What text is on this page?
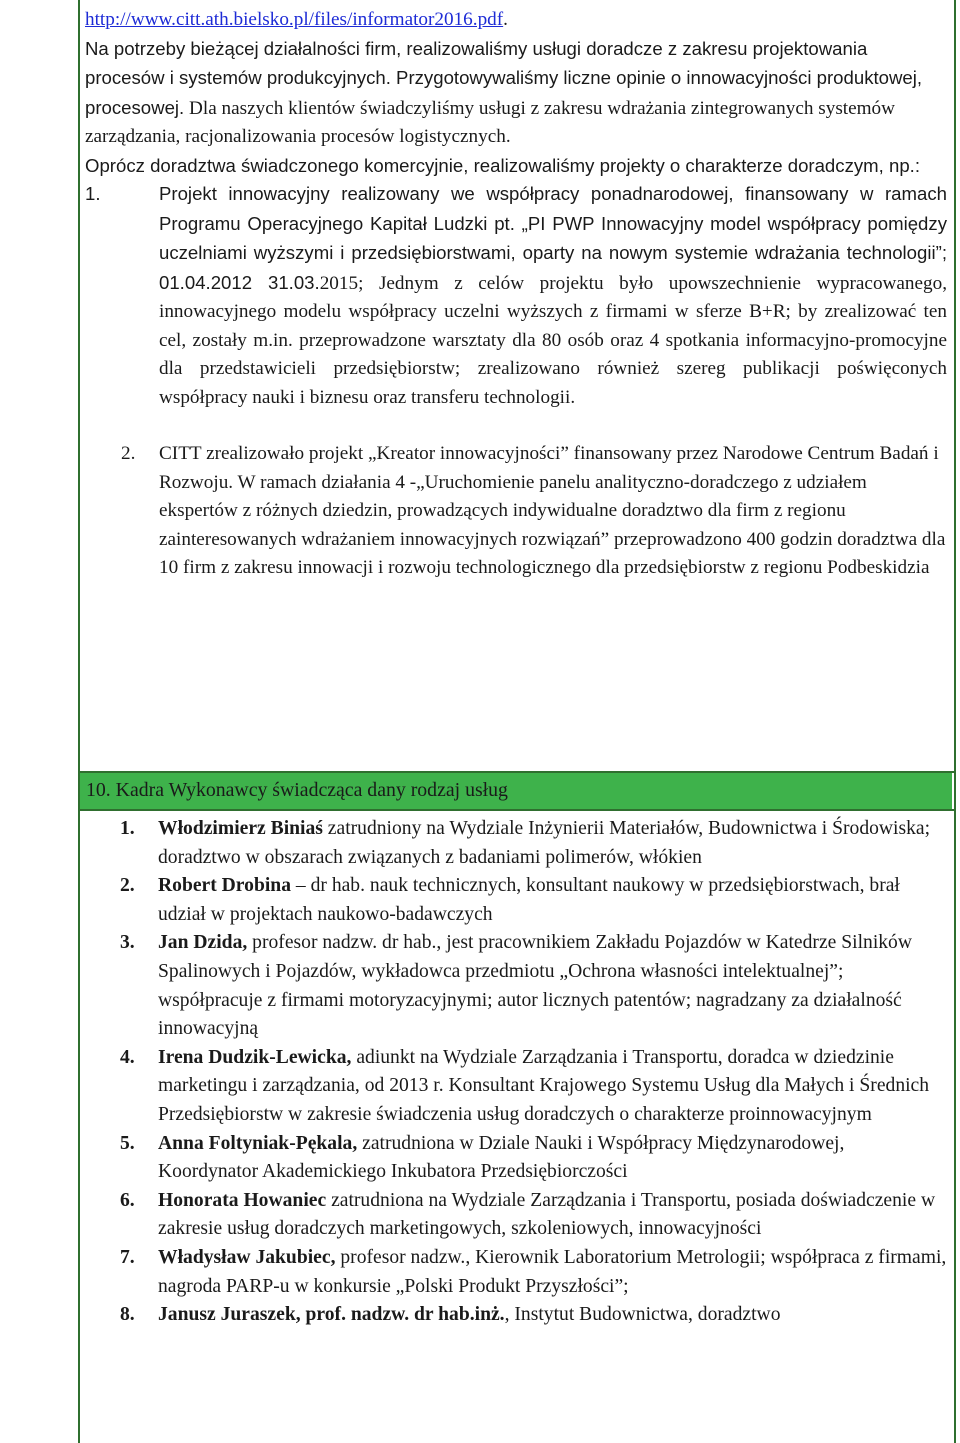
http://www.citt.ath.bielsko.pl/files/informator2016.pdf.

Na potrzeby bieżącej działalności firm, realizowaliśmy usługi doradcze z zakresu projektowania procesów i systemów produkcyjnych. Przygotowywaliśmy liczne opinie o innowacyjności produktowej, procesowej. Dla naszych klientów świadczyliśmy usługi z zakresu wdrażania zintegrowanych systemów zarządzania, racjonalizowania procesów logistycznych.

Oprócz doradztwa świadczonego komercyjnie, realizowaliśmy projekty o charakterze doradczym, np.:

1.	Projekt innowacyjny realizowany we współpracy ponadnarodowej, finansowany w ramach Programu Operacyjnego Kapitał Ludzki pt. „PI PWP Innowacyjny model współpracy pomiędzy uczelniami wyższymi i przedsiębiorstwami, oparty na nowym systemie wdrażania technologii”; 01.04.2012 31.03.2015; Jednym z celów projektu było upowszechnienie wypracowanego, innowacyjnego modelu współpracy uczelni wyższych z firmami w sferze B+R; by zrealizować ten cel, zostały m.in. przeprowadzone warsztaty dla 80 osób oraz 4 spotkania informacyjno-promocyjne dla przedstawicieli przedsiębiorstw; zrealizowano również szereg publikacji poświęconych współpracy nauki i biznesu oraz transferu technologii.
2.	CITT zrealizowało projekt „Kreator innowacyjności” finansowany przez Narodowe Centrum Badań i Rozwoju. W ramach działania 4 -„Uruchomienie panelu analityczno-doradczego z udziałem ekspertów z różnych dziedzin, prowadzących indywidualne doradztwo dla firm z regionu zainteresowanych wdrażaniem innowacyjnych rozwiązań” przeprowadzono 400 godzin doradztwa dla 10 firm z zakresu innowacji i rozwoju technologicznego dla przedsiębiorstw z regionu Podbeskidzia
10. Kadra Wykonawcy świadcząca dany rodzaj usług
1.	Włodzimierz Biniaś zatrudniony na Wydziale Inżynierii Materiałów, Budownictwa i Środowiska; doradztwo w obszarach związanych z badaniami polimerów, włókien
2.	Robert Drobina – dr hab. nauk technicznych, konsultant naukowy w przedsiębiorstwach, brał udział w projektach naukowo-badawczych
3.	Jan Dzida, profesor nadzw. dr hab., jest pracownikiem Zakładu Pojazdów w Katedrze Silników Spalinowych i Pojazdów, wykładowca przedmiotu „Ochrona własności intelektualnej”; współpracuje z firmami motoryzacyjnymi; autor licznych patentów; nagradzany za działalność innowacyjną
4.	Irena Dudzik-Lewicka, adiunkt na Wydziale Zarządzania i Transportu, doradca w dziedzinie marketingu i zarządzania, od 2013 r. Konsultant Krajowego Systemu Usług dla Małych i Średnich Przedsiębiorstw w zakresie świadczenia usług doradczych o charakterze proinnowacyjnym
5.	Anna Foltyniak-Pękala, zatrudniona w Dziale Nauki i Współpracy Międzynarodowej, Koordynator Akademickiego Inkubatora Przedsiębiorczości
6.	Honorata Howaniec zatrudniona na Wydziale Zarządzania i Transportu, posiada doświadczenie w zakresie usług doradczych marketingowych, szkoleniowych, innowacyjności
7.	Władysław Jakubiec, profesor nadzw., Kierownik Laboratorium Metrologii; współpraca z firmami, nagroda PARP-u w konkursie „Polski Produkt Przyszłości”;
8.	Janusz Juraszek, prof. nadzw. dr hab.inż., Instytut Budownictwa, doradztwo
